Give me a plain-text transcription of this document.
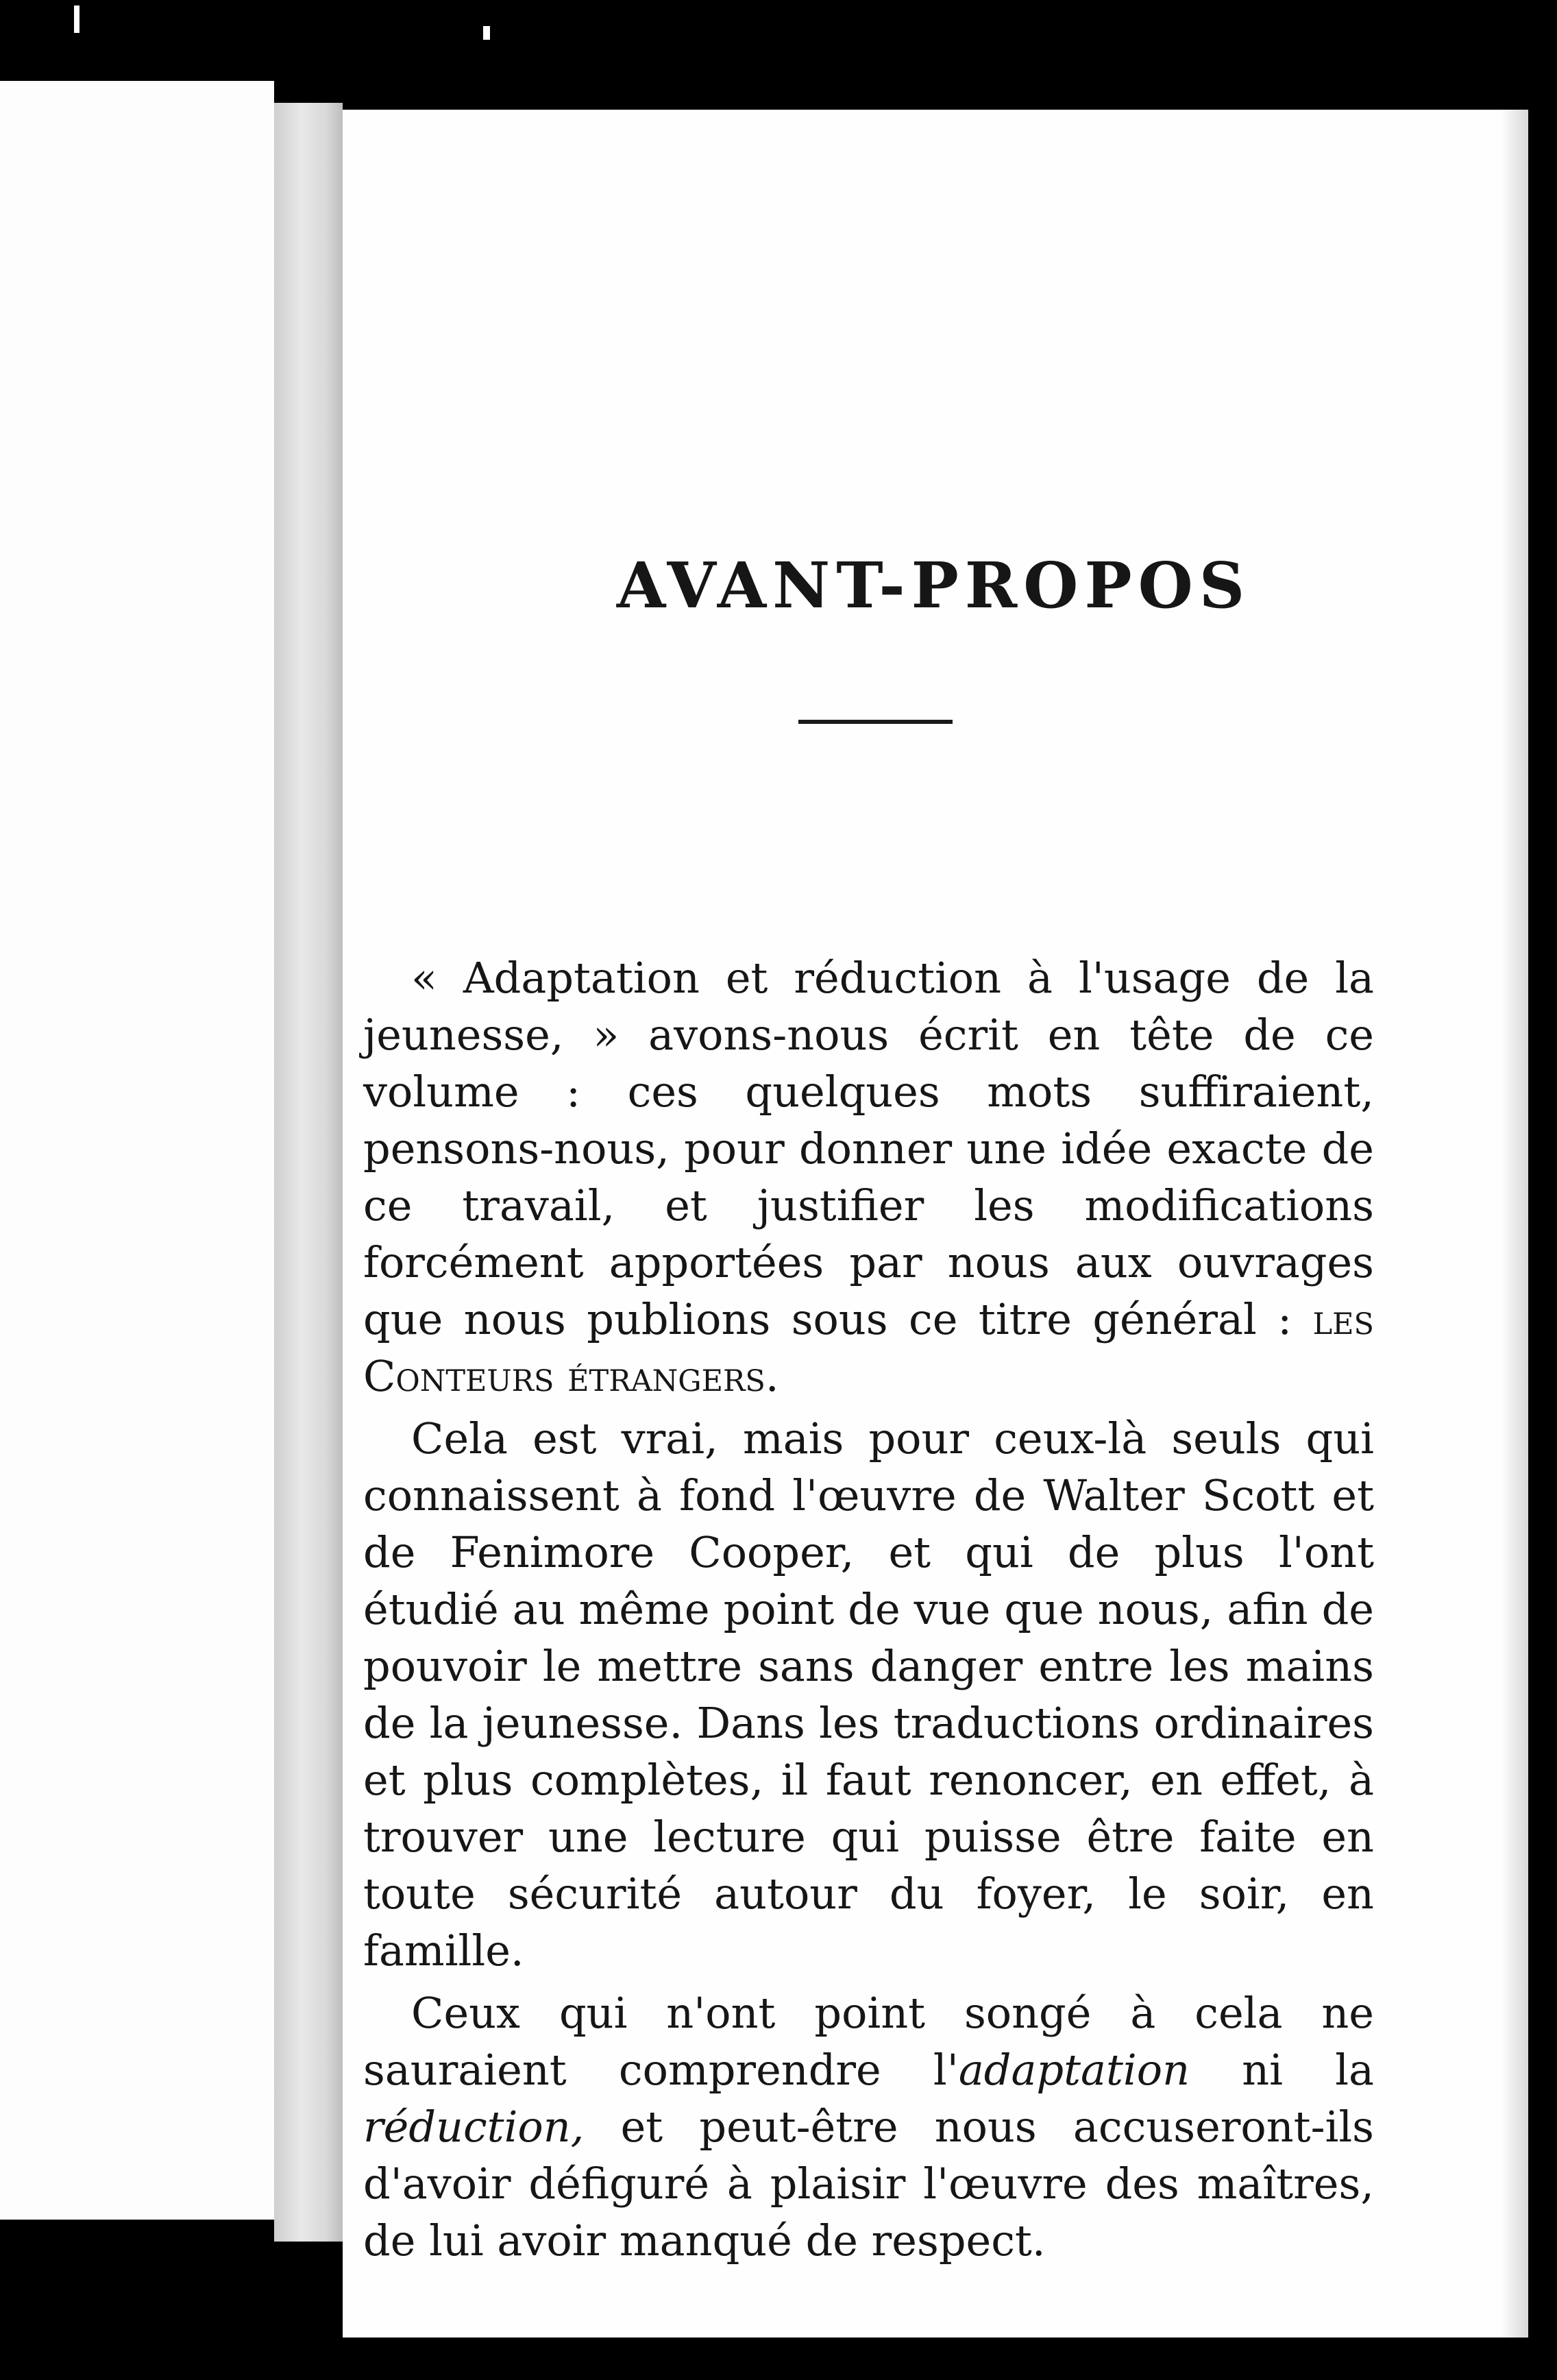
AVANT-PROPOS

« Adaptation et réduction à l'usage de la jeunesse, » avons-nous écrit en tête de ce volume : ces quelques mots suffiraient, pensons-nous, pour donner une idée exacte de ce travail, et justifier les modifications forcément apportées par nous aux ouvrages que nous publions sous ce titre général : les Conteurs étrangers.

Cela est vrai, mais pour ceux-là seuls qui connaissent à fond l'œuvre de Walter Scott et de Fenimore Cooper, et qui de plus l'ont étudié au même point de vue que nous, afin de pouvoir le mettre sans danger entre les mains de la jeunesse. Dans les traductions ordinaires et plus complètes, il faut renoncer, en effet, à trouver une lecture qui puisse être faite en toute sécurité autour du foyer, le soir, en famille.

Ceux qui n'ont point songé à cela ne sauraient comprendre l'adaptation ni la réduction, et peut-être nous accuseront-ils d'avoir défiguré à plaisir l'œuvre des maîtres, de lui avoir manqué de respect.
